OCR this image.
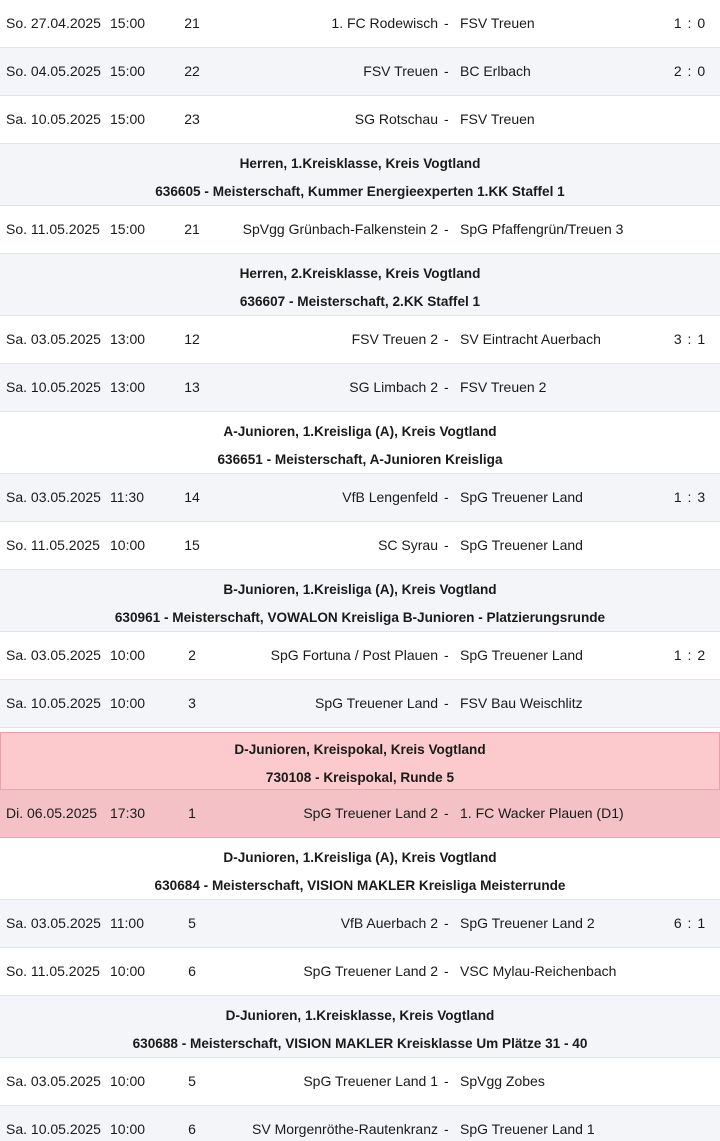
So. 27.04.2025 15:00	21	1. FC Rodewisch - FSV Treuen	1 : 0
So. 04.05.2025 15:00	22	FSV Treuen - BC Erlbach	2 : 0
Sa. 10.05.2025 15:00	23	SG Rotschau - FSV Treuen
Herren, 1.Kreisklasse, Kreis Vogtland
636605 - Meisterschaft, Kummer Energieexperten 1.KK Staffel 1
So. 11.05.2025 15:00	21	SpVgg Grünbach-Falkenstein 2 - SpG Pfaffengrün/Treuen 3
Herren, 2.Kreisklasse, Kreis Vogtland
636607 - Meisterschaft, 2.KK Staffel 1
Sa. 03.05.2025 13:00	12	FSV Treuen 2 - SV Eintracht Auerbach	3 : 1
Sa. 10.05.2025 13:00	13	SG Limbach 2 - FSV Treuen 2
A-Junioren, 1.Kreisliga (A), Kreis Vogtland
636651 - Meisterschaft, A-Junioren Kreisliga
Sa. 03.05.2025 11:30	14	VfB Lengenfeld - SpG Treuener Land	1 : 3
So. 11.05.2025 10:00	15	SC Syrau - SpG Treuener Land
B-Junioren, 1.Kreisliga (A), Kreis Vogtland
630961 - Meisterschaft, VOWALON Kreisliga B-Junioren - Platzierungsrunde
Sa. 03.05.2025 10:00	2	SpG Fortuna / Post Plauen - SpG Treuener Land	1 : 2
Sa. 10.05.2025 10:00	3	SpG Treuener Land - FSV Bau Weischlitz
D-Junioren, Kreispokal, Kreis Vogtland
730108 - Kreispokal, Runde 5
Di. 06.05.2025 17:30	1	SpG Treuener Land 2 - 1. FC Wacker Plauen (D1)
D-Junioren, 1.Kreisliga (A), Kreis Vogtland
630684 - Meisterschaft, VISION MAKLER Kreisliga Meisterrunde
Sa. 03.05.2025 11:00	5	VfB Auerbach 2 - SpG Treuener Land 2	6 : 1
So. 11.05.2025 10:00	6	SpG Treuener Land 2 - VSC Mylau-Reichenbach
D-Junioren, 1.Kreisklasse, Kreis Vogtland
630688 - Meisterschaft, VISION MAKLER Kreisklasse Um Plätze 31 - 40
Sa. 03.05.2025 10:00	5	SpG Treuener Land 1 - SpVgg Zobes
Sa. 10.05.2025 10:00	6	SV Morgenröthe-Rautenkranz - SpG Treuener Land 1
